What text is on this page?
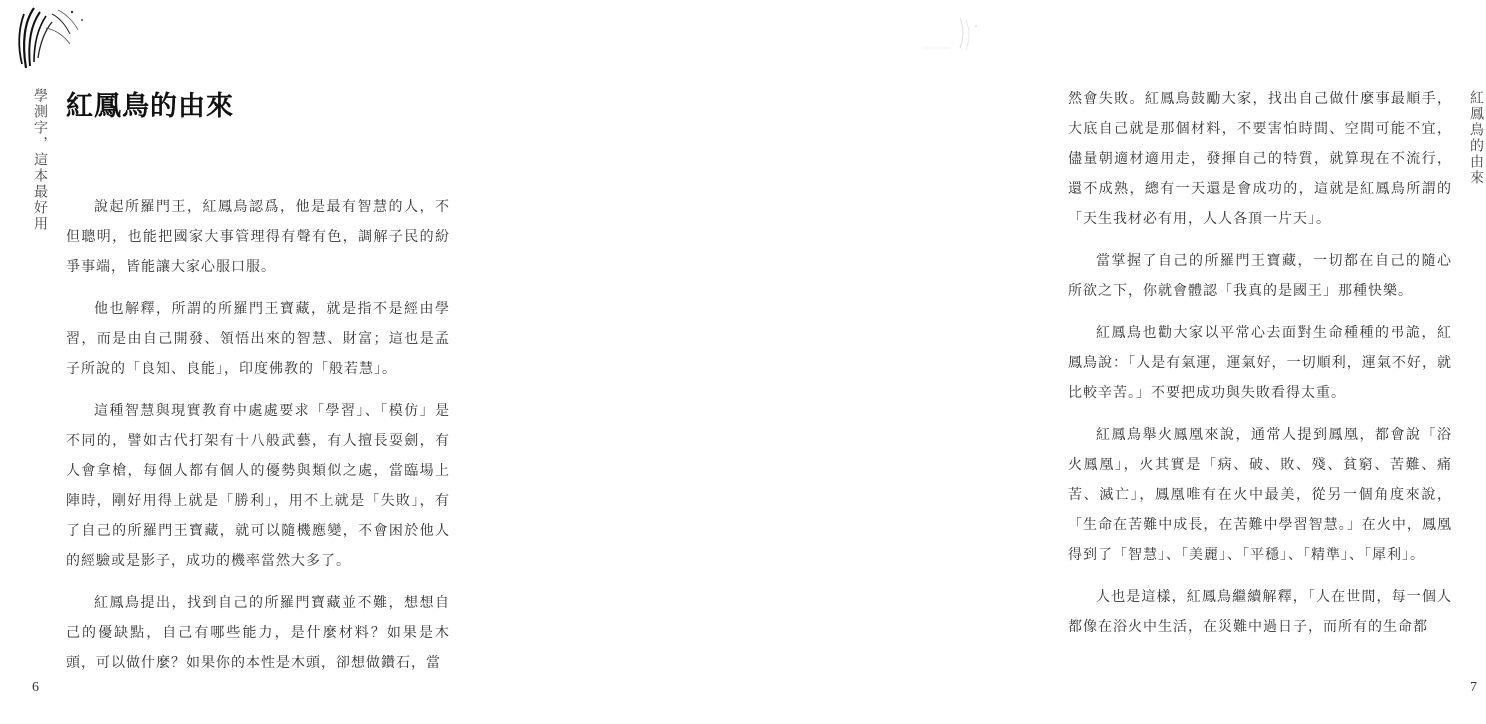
學測字，這本最好用 紅鳳鳥的由來

說起所羅門王，紅鳳鳥認爲，他是最有智慧的人，不但聰明，也能把國家大事管理得有聲有色，調解子民的紛爭事端，皆能讓大家心服口服。

他也解釋，所謂的所羅門王寶藏，就是指不是經由學習，而是由自己開發、領悟出來的智慧、財富；這也是孟子所說的「良知、良能」，印度佛教的「般若慧」。

這種智慧與現實教育中處處要求「學習」、「模仿」是不同的，譬如古代打架有十八般武藝，有人擅長耍劍，有人會拿槍，每個人都有個人的優勢與類似之處，當臨場上陣時，剛好用得上就是「勝利」，用不上就是「失敗」，有了自己的所羅門王寶藏，就可以隨機應變，不會困於他人的經驗或是影子，成功的機率當然大多了。

紅鳳鳥提出，找到自己的所羅門寶藏並不難，想想自己的優缺點，自己有哪些能力，是什麼材料？如果是木頭，可以做什麼？如果你的本性是木頭，卻想做鑽石，當

6

然會失敗。紅鳳鳥鼓勵大家，找出自己做什麼事最順手，大底自己就是那個材料，不要害怕時間、空間可能不宜，儘量朝適材適用走，發揮自己的特質，就算現在不流行，還不成熟，總有一天還是會成功的，這就是紅鳳鳥所謂的「天生我材必有用，人人各頂一片天」。

當掌握了自己的所羅門王寶藏，一切都在自己的隨心所欲之下，你就會體認「我真的是國王」那種快樂。

紅鳳鳥也勸大家以平常心去面對生命種種的弔詭，紅鳳鳥說：「人是有氣運，運氣好，一切順利，運氣不好，就比較辛苦。」不要把成功與失敗看得太重。

紅鳳鳥舉火鳳凰來說，通常人提到鳳凰，都會說「浴火鳳凰」，火其實是「病、破、敗、殘、貧窮、苦難、痛苦、滅亡」，鳳凰唯有在火中最美，從另一個角度來說，「生命在苦難中成長，在苦難中學習智慧。」在火中，鳳凰得到了「智慧」、「美麗」、「平穩」、「精準」、「犀利」。

人也是這樣，紅鳳鳥繼續解釋，「人在世間，每一個人都像在浴火中生活，在災難中過日子，而所有的生命都

紅鳳鳥的由來
7
